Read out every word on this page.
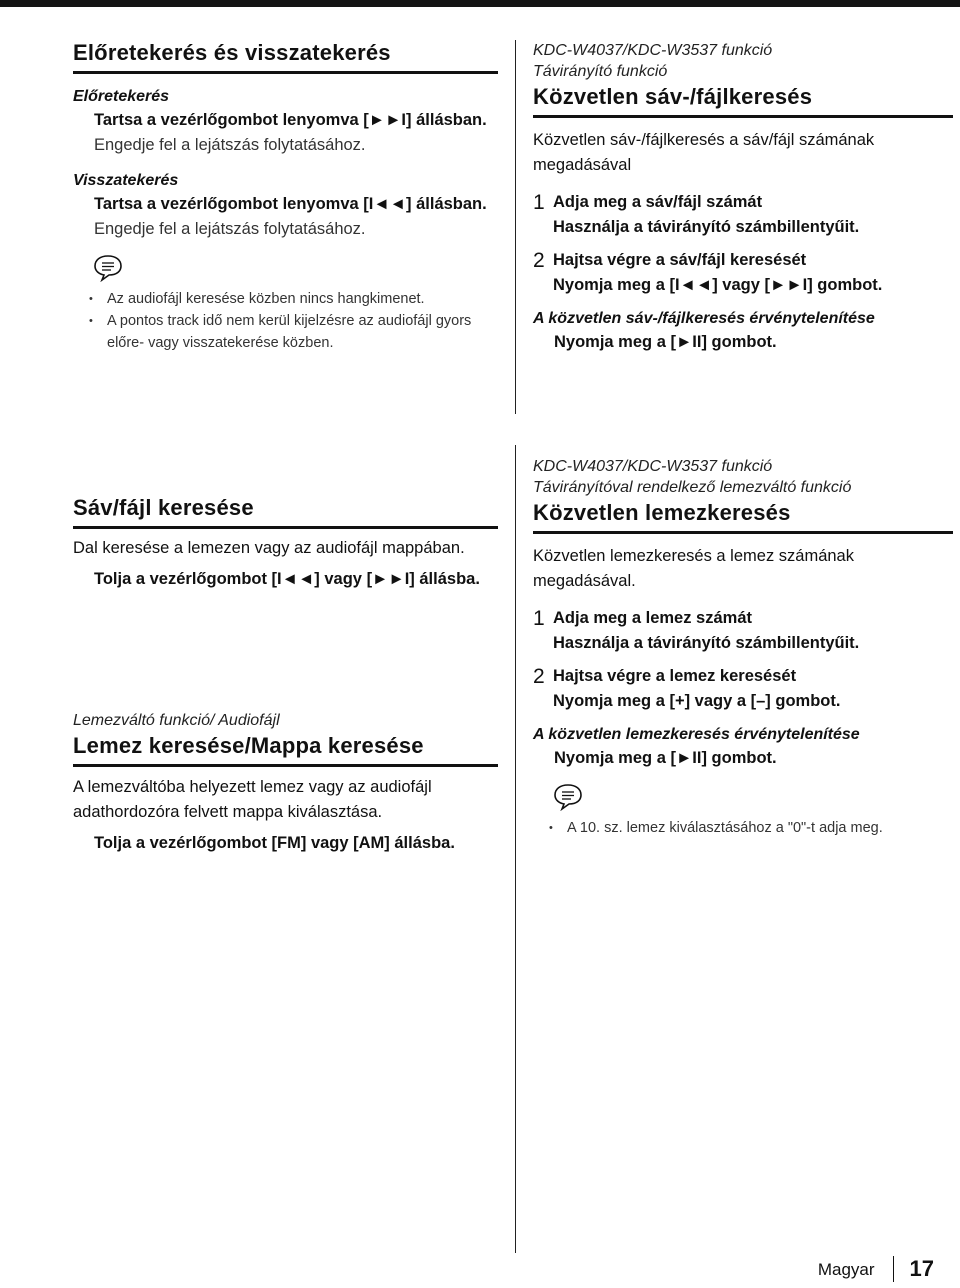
Előretekerés és visszatekerés
Előretekerés
Tartsa a vezérlőgombot lenyomva [►►I] állásban.
Engedje fel a lejátszás folytatásához.
Visszatekerés
Tartsa a vezérlőgombot lenyomva [I◄◄] állásban.
Engedje fel a lejátszás folytatásához.
• Az audiofájl keresése közben nincs hangkimenet.
• A pontos track idő nem kerül kijelzésre az audiofájl gyors előre- vagy visszatekerése közben.
KDC-W4037/KDC-W3537 funkció
Távirányító funkció
Közvetlen sáv-/fájlkeresés
Közvetlen sáv-/fájlkeresés a sáv/fájl számának megadásával
1 Adja meg a sáv/fájl számát
Használja a távirányító számbillentyűit.
2 Hajtsa végre a sáv/fájl keresését
Nyomja meg a [I◄◄] vagy [►►I] gombot.
A közvetlen sáv-/fájlkeresés érvénytelenítése
Nyomja meg a [►II] gombot.
Sáv/fájl keresése
Dal keresése a lemezen vagy az audiofájl mappában.
Tolja a vezérlőgombot [I◄◄] vagy [►►I] állásba.
Lemezváltó funkció/ Audiofájl
Lemez keresése/Mappa keresése
A lemezváltóba helyezett lemez vagy az audiofájl adathordozóra felvett mappa kiválasztása.
Tolja a vezérlőgombot [FM] vagy [AM] állásba.
KDC-W4037/KDC-W3537 funkció
Távirányítóval rendelkező lemezváltó funkció
Közvetlen lemezkeresés
Közvetlen lemezkeresés a lemez számának megadásával.
1 Adja meg a lemez számát
Használja a távirányító számbillentyűit.
2 Hajtsa végre a lemez keresését
Nyomja meg a [+] vagy a [–] gombot.
A közvetlen lemezkeresés érvénytelenítése
Nyomja meg a [►II] gombot.
• A 10. sz. lemez kiválasztásához a "0"-t adja meg.
Magyar	17
